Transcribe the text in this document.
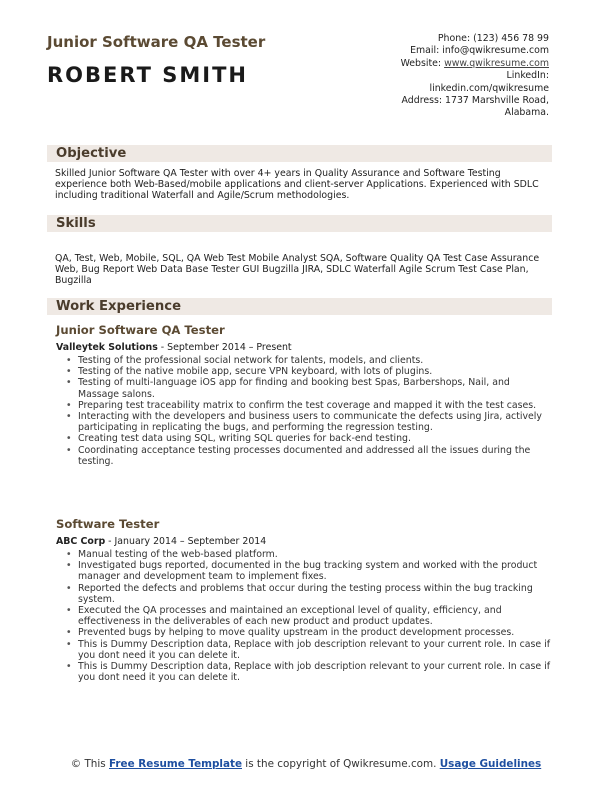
Junior Software QA Tester
ROBERT SMITH
Phone: (123) 456 78 99
Email: info@qwikresume.com
Website: www.qwikresume.com
LinkedIn:
linkedin.com/qwikresume
Address: 1737 Marshville Road,
Alabama.
Objective
Skilled Junior Software QA Tester with over 4+ years in Quality Assurance and Software Testing experience both Web-Based/mobile applications and client-server Applications. Experienced with SDLC including traditional Waterfall and Agile/Scrum methodologies.
Skills
QA, Test, Web, Mobile, SQL, QA Web Test Mobile Analyst SQA, Software Quality QA Test Case Assurance Web, Bug Report Web Data Base Tester GUI Bugzilla JIRA, SDLC Waterfall Agile Scrum Test Case Plan, Bugzilla
Work Experience
Junior Software QA Tester
Valleytek Solutions - September 2014 – Present
• Testing of the professional social network for talents, models, and clients.
• Testing of the native mobile app, secure VPN keyboard, with lots of plugins.
• Testing of multi-language iOS app for finding and booking best Spas, Barbershops, Nail, and Massage salons.
• Preparing test traceability matrix to confirm the test coverage and mapped it with the test cases.
• Interacting with the developers and business users to communicate the defects using Jira, actively participating in replicating the bugs, and performing the regression testing.
• Creating test data using SQL, writing SQL queries for back-end testing.
• Coordinating acceptance testing processes documented and addressed all the issues during the testing.
Software Tester
ABC Corp - January 2014 – September 2014
• Manual testing of the web-based platform.
• Investigated bugs reported, documented in the bug tracking system and worked with the product manager and development team to implement fixes.
• Reported the defects and problems that occur during the testing process within the bug tracking system.
• Executed the QA processes and maintained an exceptional level of quality, efficiency, and effectiveness in the deliverables of each new product and product updates.
• Prevented bugs by helping to move quality upstream in the product development processes.
• This is Dummy Description data, Replace with job description relevant to your current role. In case if you dont need it you can delete it.
• This is Dummy Description data, Replace with job description relevant to your current role. In case if you dont need it you can delete it.
© This Free Resume Template is the copyright of Qwikresume.com. Usage Guidelines
